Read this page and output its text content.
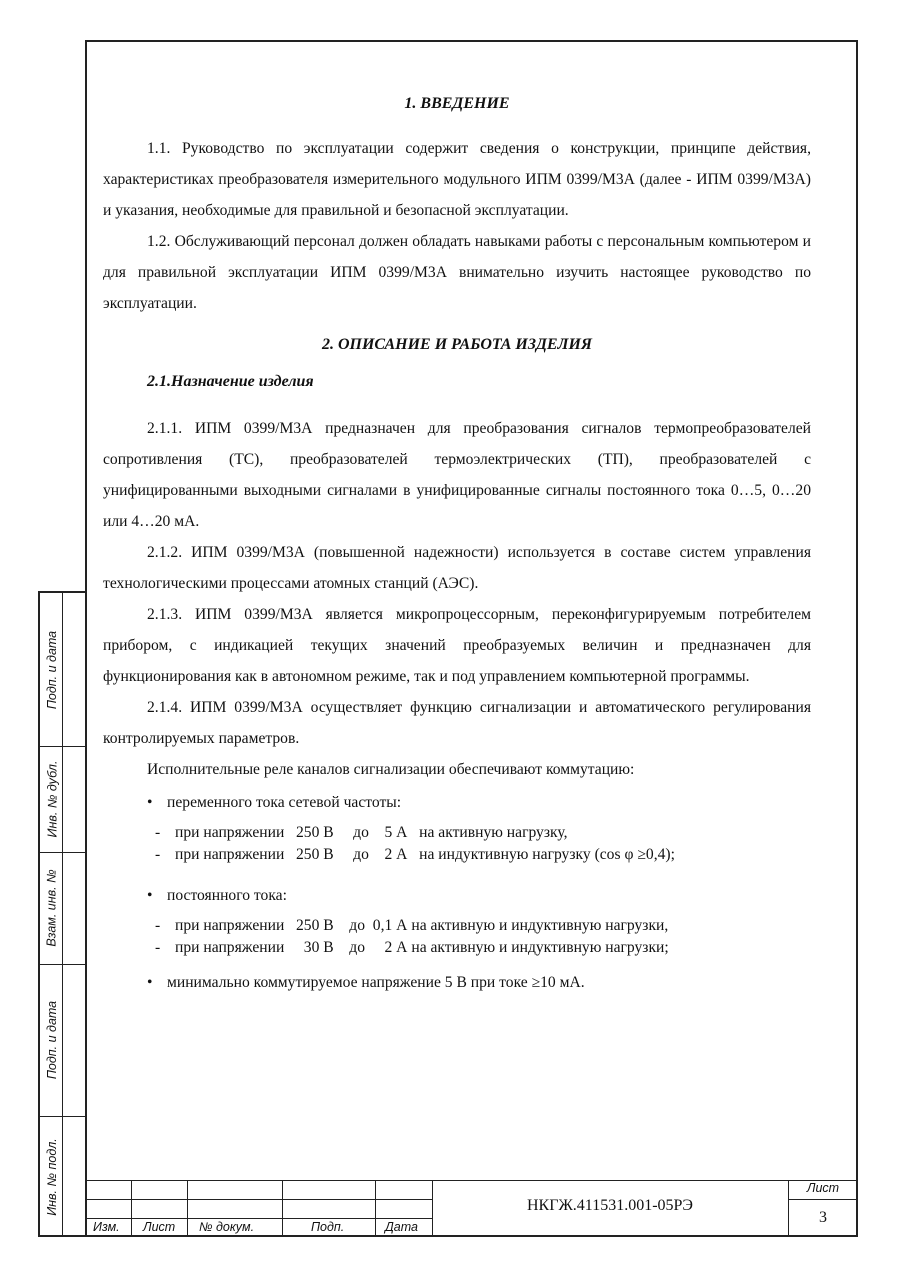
Подп. и дата
Инв. № дубл.
Взам. инв. №
Подп. и дата
Инв. № подл.
1. ВВЕДЕНИЕ

1.1. Руководство по эксплуатации содержит сведения о конструкции, принципе действия, характеристиках преобразователя измерительного модульного ИПМ 0399/М3А (далее - ИПМ 0399/М3А) и указания, необходимые для правильной и безопасной эксплуатации.

1.2. Обслуживающий персонал должен обладать навыками работы с персональным компьютером и для правильной эксплуатации ИПМ 0399/М3А внимательно изучить настоящее руководство по эксплуатации.

2. ОПИСАНИЕ И РАБОТА ИЗДЕЛИЯ
2.1.Назначение изделия

2.1.1. ИПМ 0399/М3А предназначен для преобразования сигналов термопреобразователей сопротивления (ТС), преобразователей термоэлектрических (ТП), преобразователей с унифицированными выходными сигналами в унифицированные сигналы постоянного тока 0…5, 0…20 или 4…20 мА.

2.1.2. ИПМ 0399/М3А (повышенной надежности) используется в составе систем управления технологическими процессами атомных станций (АЭС).

2.1.3. ИПМ 0399/М3А является микропроцессорным, переконфигурируемым потребителем прибором, с индикацией текущих значений преобразуемых величин и предназначен для функционирования как в автономном режиме, так и под управлением компьютерной программы.

2.1.4. ИПМ 0399/М3А осуществляет функцию сигнализации и автоматического регулирования контролируемых параметров.

Исполнительные реле каналов сигнализации обеспечивают коммутацию:
• переменного тока сетевой частоты:
- при напряжении   250 В     до    5 А   на активную нагрузку,
- при напряжении   250 В     до    2 А   на индуктивную нагрузку (cos φ ≥0,4);
• постоянного тока:
- при напряжении   250 В    до  0,1 А на активную и индуктивную нагрузки,
- при напряжении     30 В    до     2 А на активную и индуктивную нагрузки;
• минимально коммутируемое напряжение 5 В при токе ≥10 мА.
Изм. Лист № докум.	Подп.	Дата
НКГЖ.411531.001-05РЭ
Лист
3
